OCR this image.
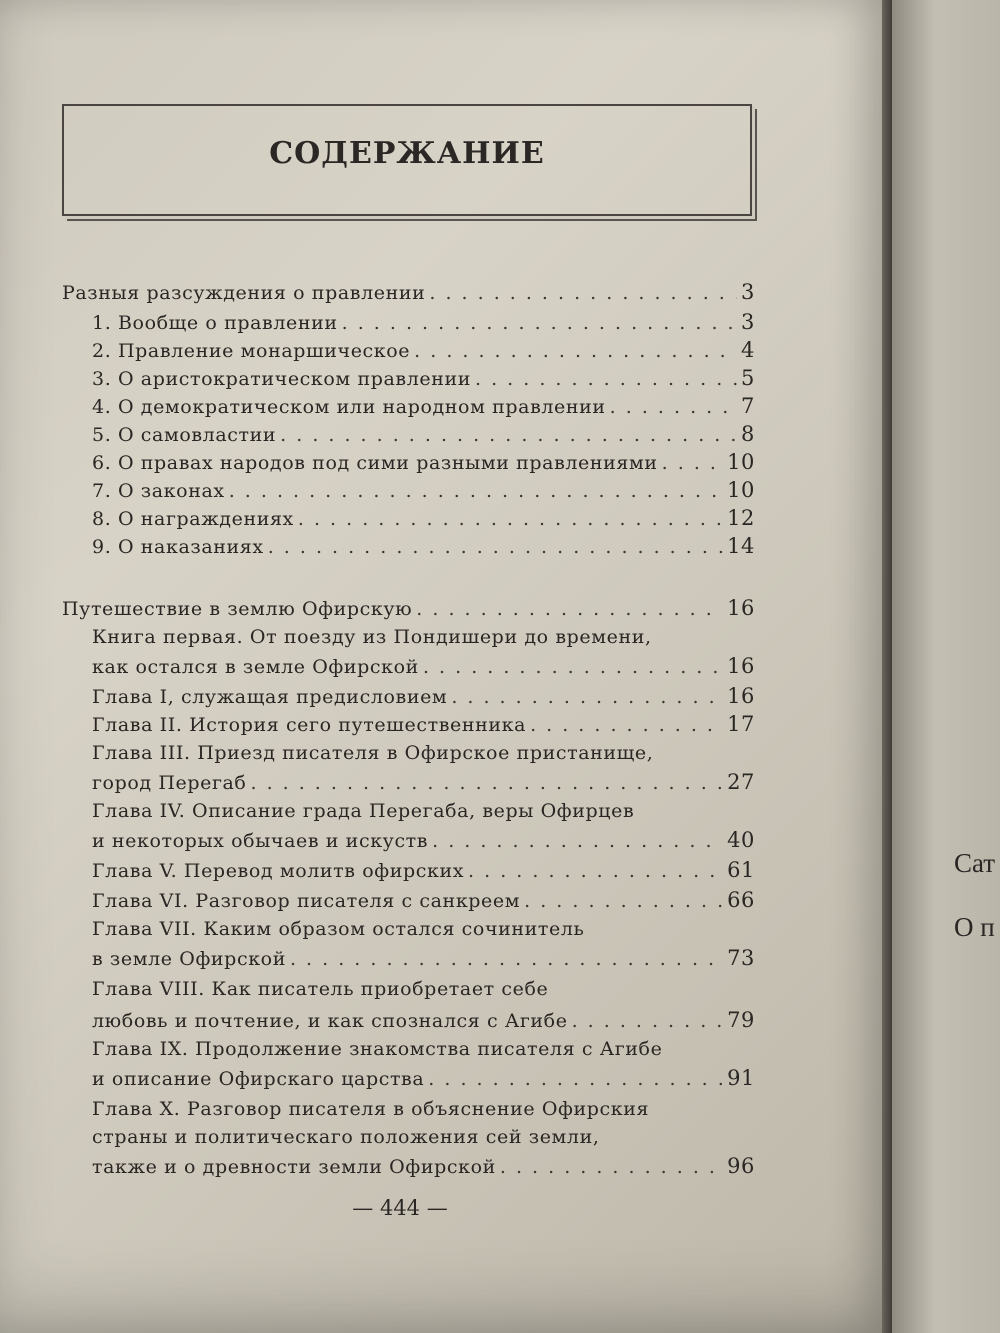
СОДЕРЖАНИЕ
Разныя разсуждения о правлении . . .	3
1. Вообще о правлении . . .	3
2. Правление монаршическое . . .	4
3. О аристократическом правлении . . .	5
4. О демократическом или народном правлении . . .	7
5. О самовластии . . .	8
6. О правах народов под сими разными правлениями . . .	10
7. О законах . . .	10
8. О награждениях . . .	12
9. О наказаниях . . .	14
Путешествие в землю Офирскую . . .	16
Книга первая. От поезду из Пондишери до времени,
как остался в земле Офирской . . .	16
Глава I, служащая предисловием . . .	16
Глава II. История сего путешественника . . .	17
Глава III. Приезд писателя в Офирское пристанище,
город Перегаб . . .	27
Глава IV. Описание града Перегаба, веры Офирцев
и некоторых обычаев и искуств . . .	40
Глава V. Перевод молитв офирских . . .	61
Глава VI. Разговор писателя с санкреем . . .	66
Глава VII. Каким образом остался сочинитель
в земле Офирской . . .	73
Глава VIII. Как писатель приобретает себе
любовь и почтение, и как спознался с Агибе . . .	79
Глава IX. Продолжение знакомства писателя с Агибе
и описание Офирскаго царства . . .	91
Глава X. Разговор писателя в объяснение Офирския
страны и политическаго положения сей земли,
также и о древности земли Офирской . . .	96
— 444 —
Сат
О п
